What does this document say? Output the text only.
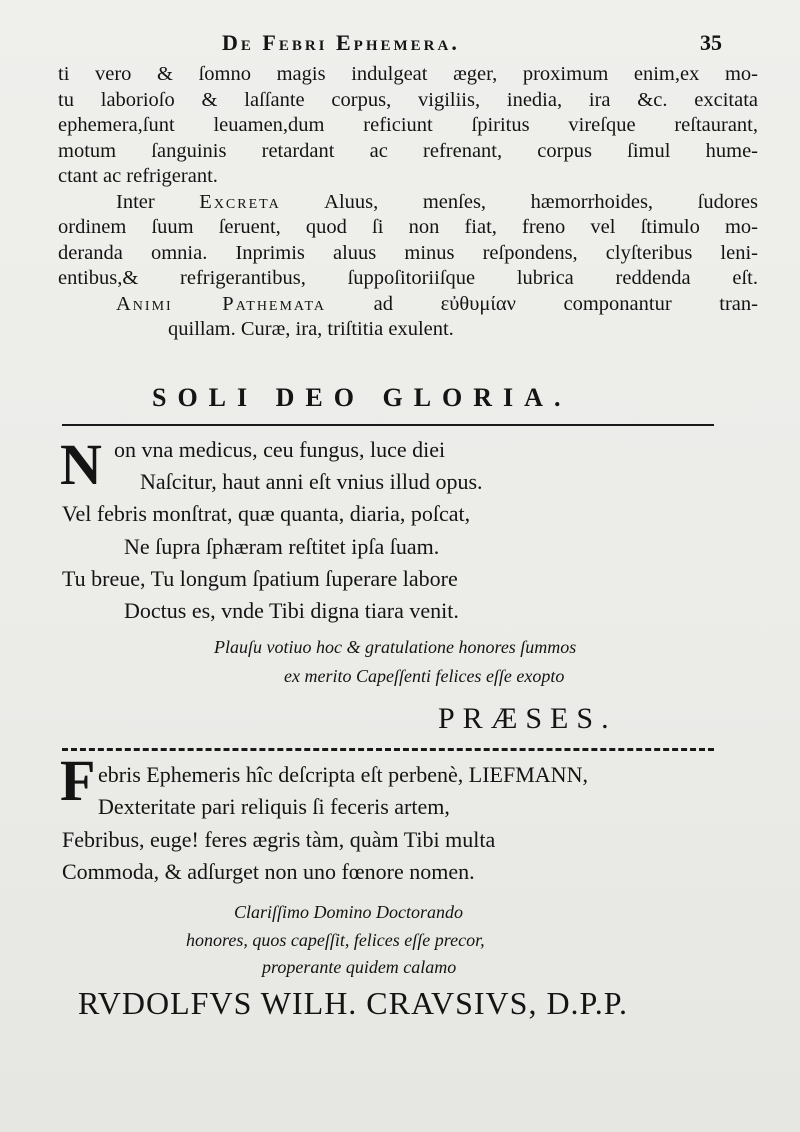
De Febri Ephemera.	35

ti vero & ſomno magis indulgeat æger, proximum enim,ex mo-

tu laborioſo & laſſante corpus, vigiliis, inedia, ira &c. excitata

ephemera,ſunt leuamen,dum reficiunt ſpiritus vireſque reſtaurant,

motum ſanguinis retardant ac refrenant, corpus ſimul hume-

ctant ac refrigerant.

Inter Excreta Aluus, menſes, hæmorrhoides, ſudores

ordinem ſuum ſeruent, quod ſi non fiat, freno vel ſtimulo mo-

deranda omnia. Inprimis aluus minus reſpondens, clyſteribus leni-

entibus,& refrigerantibus, ſuppoſitoriiſque lubrica reddenda eſt.

Animi Pathemata ad εὐθυμίαν componantur tran-

quillam. Curæ, ira, triſtitia exulent.

SOLI DEO GLORIA.
N on vna medicus, ceu fungus, luce diei
Naſcitur, haut anni eſt vnius illud opus.
Vel febris monſtrat, quæ quanta, diaria, poſcat,
Ne ſupra ſphæram reſtitet ipſa ſuam.
Tu breue, Tu longum ſpatium ſuperare labore
Doctus es, vnde Tibi digna tiara venit.
Plauſu votiuo hoc & gratulatione honores ſummos
ex merito Capeſſenti felices eſſe exopto
PRÆSES.
F ebris Ephemeris hîc deſcripta eſt perbenè, LIEFMANN,
Dexteritate pari reliquis ſi feceris artem,
Febribus, euge! feres ægris tàm, quàm Tibi multa
Commoda, & adſurget non uno fœnore nomen.
Clariſſimo Domino Doctorando
honores, quos capeſſit, felices eſſe precor,
properante quidem calamo
RVDOLFVS WILH. CRAVSIVS, D.P.P.
